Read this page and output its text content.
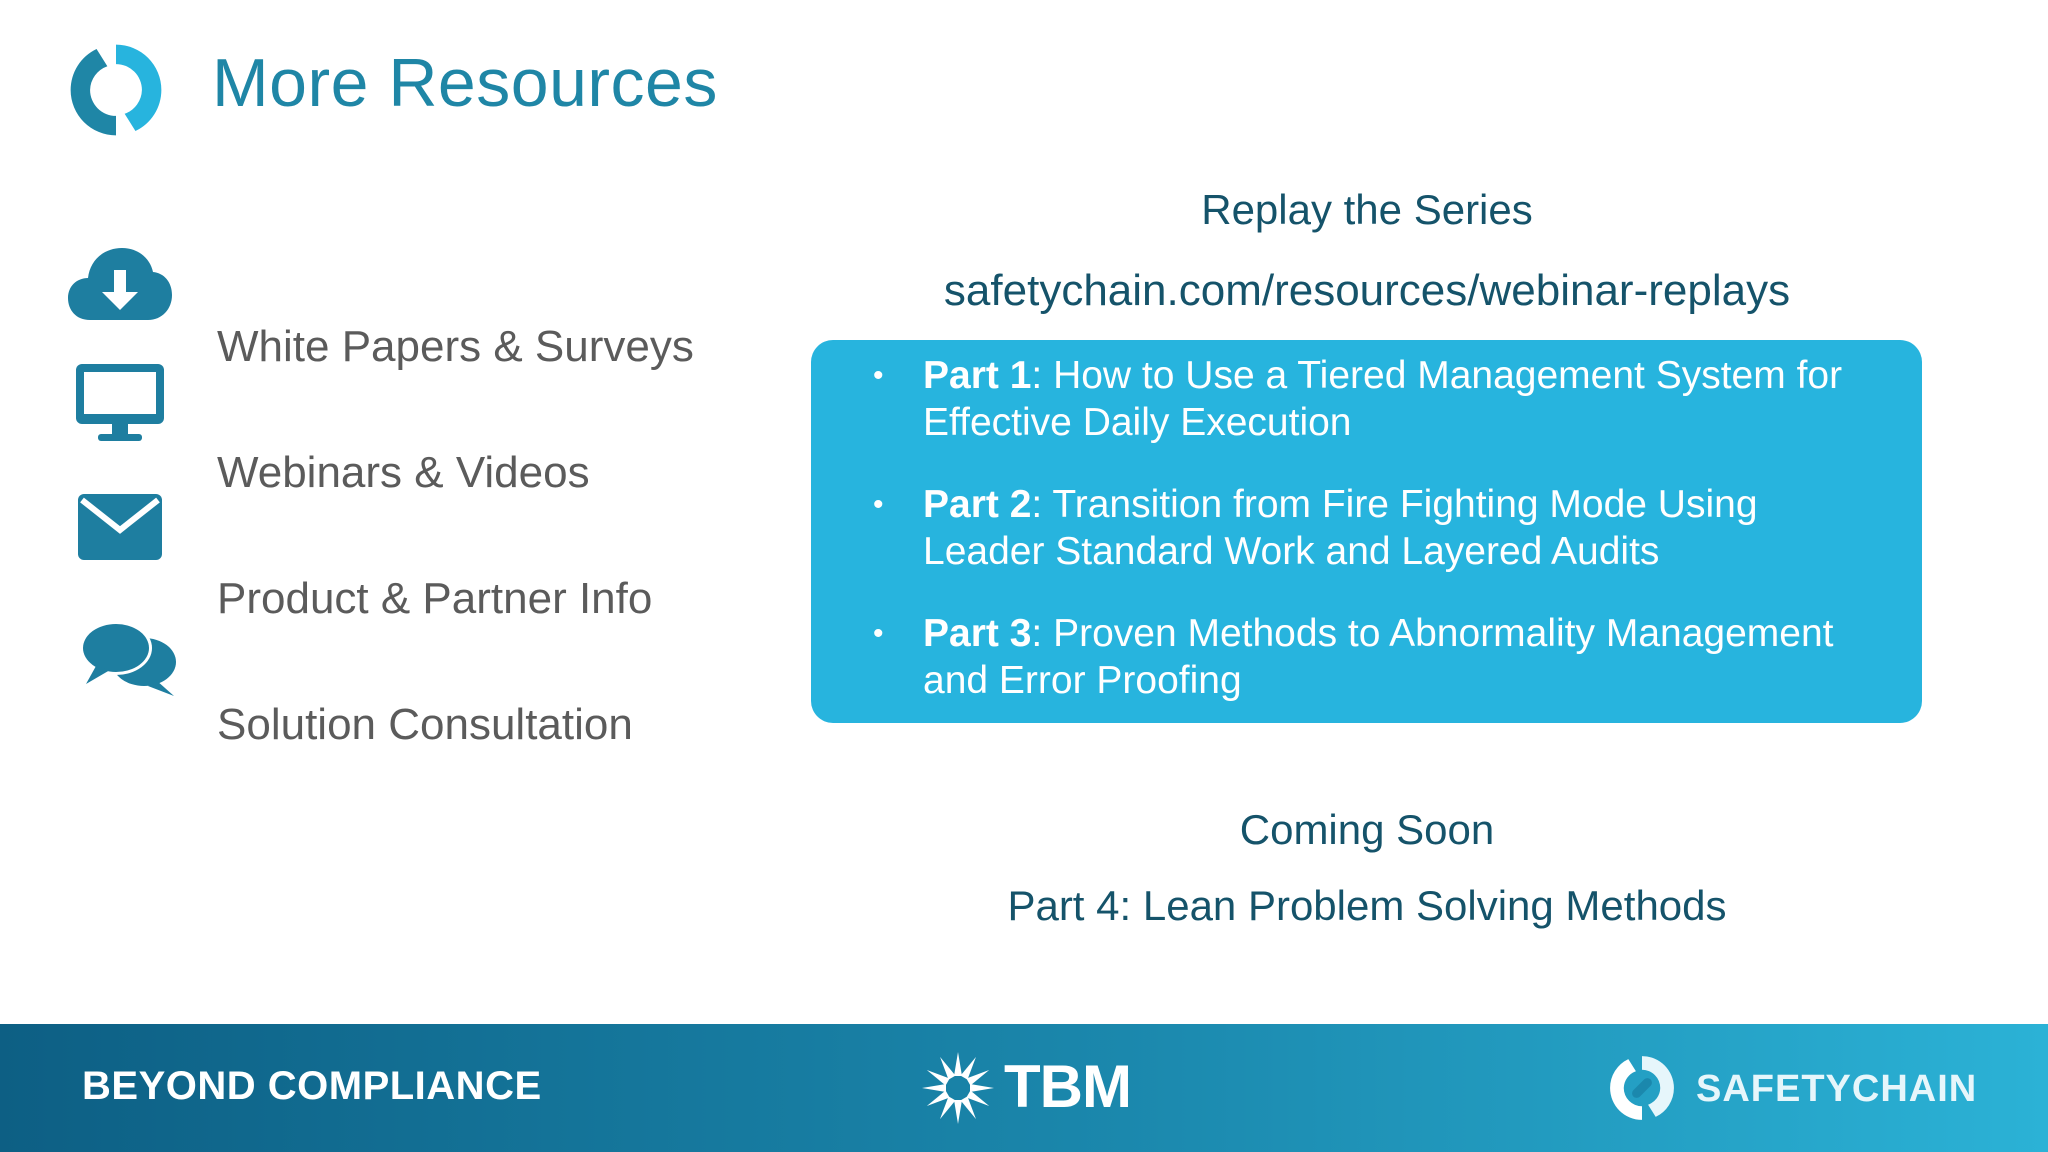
More Resources
White Papers & Surveys
Webinars & Videos
Product & Partner Info
Solution Consultation
Replay the Series
safetychain.com/resources/webinar-replays
• Part 1: How to Use a Tiered Management System for Effective Daily Execution
• Part 2: Transition from Fire Fighting Mode Using Leader Standard Work and Layered Audits
• Part 3: Proven Methods to Abnormality Management and Error Proofing
Coming Soon
Part 4: Lean Problem Solving Methods
BEYOND COMPLIANCE	TBM	SAFETYCHAIN
